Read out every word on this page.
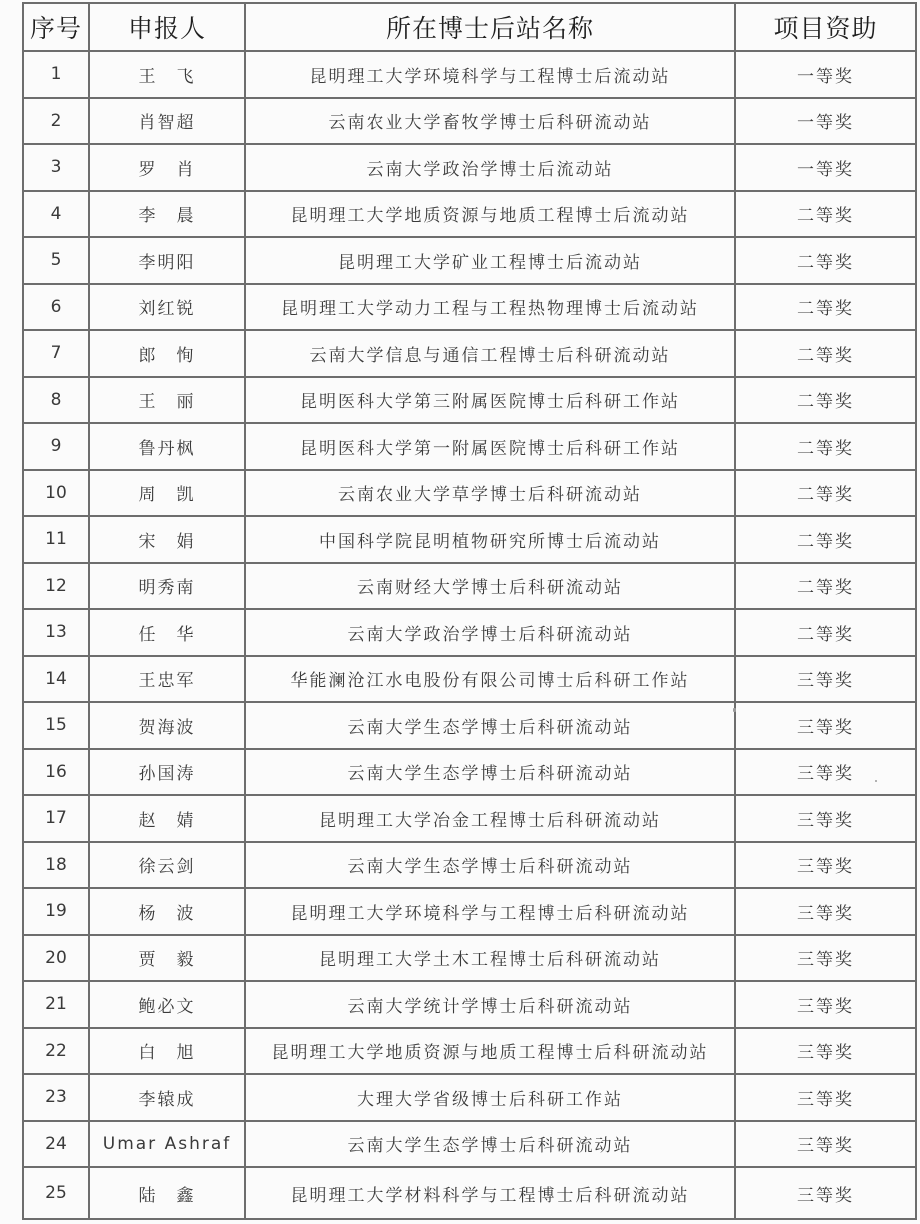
序号	申报人	所在博士后站名称	项目资助
1	王　飞	昆明理工大学环境科学与工程博士后流动站	一等奖
2	肖智超	云南农业大学畜牧学博士后科研流动站	一等奖
3	罗　肖	云南大学政治学博士后流动站	一等奖
4	李　晨	昆明理工大学地质资源与地质工程博士后流动站	二等奖
5	李明阳	昆明理工大学矿业工程博士后流动站	二等奖
6	刘红锐	昆明理工大学动力工程与工程热物理博士后流动站	二等奖
7	郎　恂	云南大学信息与通信工程博士后科研流动站	二等奖
8	王　丽	昆明医科大学第三附属医院博士后科研工作站	二等奖
9	鲁丹枫	昆明医科大学第一附属医院博士后科研工作站	二等奖
10	周　凯	云南农业大学草学博士后科研流动站	二等奖
11	宋　娟	中国科学院昆明植物研究所博士后流动站	二等奖
12	明秀南	云南财经大学博士后科研流动站	二等奖
13	任　华	云南大学政治学博士后科研流动站	二等奖
14	王忠军	华能澜沧江水电股份有限公司博士后科研工作站	三等奖
15	贺海波	云南大学生态学博士后科研流动站	三等奖
16	孙国涛	云南大学生态学博士后科研流动站	三等奖
17	赵　婧	昆明理工大学冶金工程博士后科研流动站	三等奖
18	徐云剑	云南大学生态学博士后科研流动站	三等奖
19	杨　波	昆明理工大学环境科学与工程博士后科研流动站	三等奖
20	贾　毅	昆明理工大学土木工程博士后科研流动站	三等奖
21	鲍必文	云南大学统计学博士后科研流动站	三等奖
22	白　旭	昆明理工大学地质资源与地质工程博士后科研流动站	三等奖
23	李辕成	大理大学省级博士后科研工作站	三等奖
24	Umar Ashraf	云南大学生态学博士后科研流动站	三等奖
25	陆　鑫	昆明理工大学材料科学与工程博士后科研流动站	三等奖
